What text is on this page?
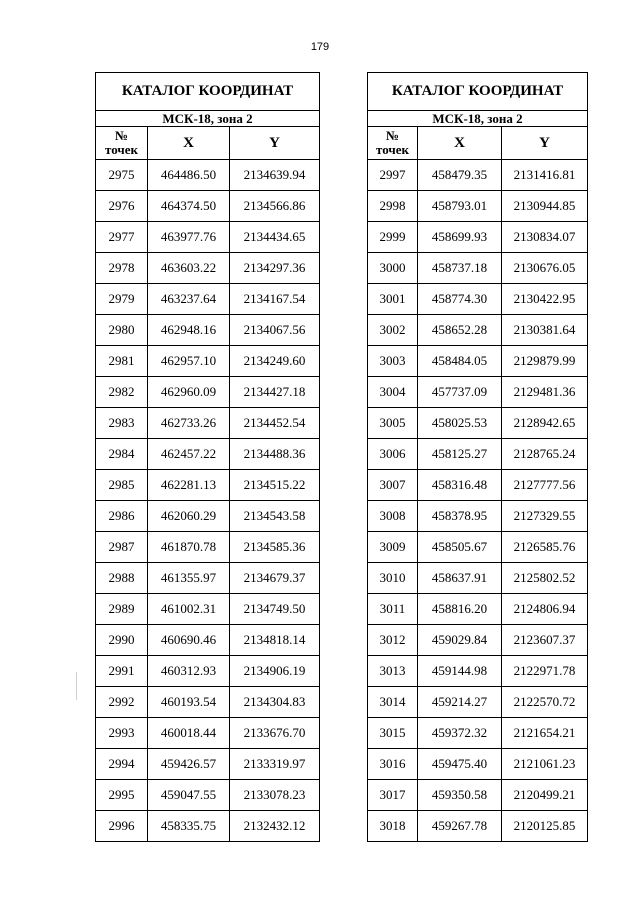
179
КАТАЛОГ КООРДИНАТ		
МСК-18, зона 2		
№
точек	X	Y
2975	464486.50	2134639.94
2976	464374.50	2134566.86
2977	463977.76	2134434.65
2978	463603.22	2134297.36
2979	463237.64	2134167.54
2980	462948.16	2134067.56
2981	462957.10	2134249.60
2982	462960.09	2134427.18
2983	462733.26	2134452.54
2984	462457.22	2134488.36
2985	462281.13	2134515.22
2986	462060.29	2134543.58
2987	461870.78	2134585.36
2988	461355.97	2134679.37
2989	461002.31	2134749.50
2990	460690.46	2134818.14
2991	460312.93	2134906.19
2992	460193.54	2134304.83
2993	460018.44	2133676.70
2994	459426.57	2133319.97
2995	459047.55	2133078.23
2996	458335.75	2132432.12
КАТАЛОГ КООРДИНАТ		
МСК-18, зона 2		
№
точек	X	Y
2997	458479.35	2131416.81
2998	458793.01	2130944.85
2999	458699.93	2130834.07
3000	458737.18	2130676.05
3001	458774.30	2130422.95
3002	458652.28	2130381.64
3003	458484.05	2129879.99
3004	457737.09	2129481.36
3005	458025.53	2128942.65
3006	458125.27	2128765.24
3007	458316.48	2127777.56
3008	458378.95	2127329.55
3009	458505.67	2126585.76
3010	458637.91	2125802.52
3011	458816.20	2124806.94
3012	459029.84	2123607.37
3013	459144.98	2122971.78
3014	459214.27	2122570.72
3015	459372.32	2121654.21
3016	459475.40	2121061.23
3017	459350.58	2120499.21
3018	459267.78	2120125.85
